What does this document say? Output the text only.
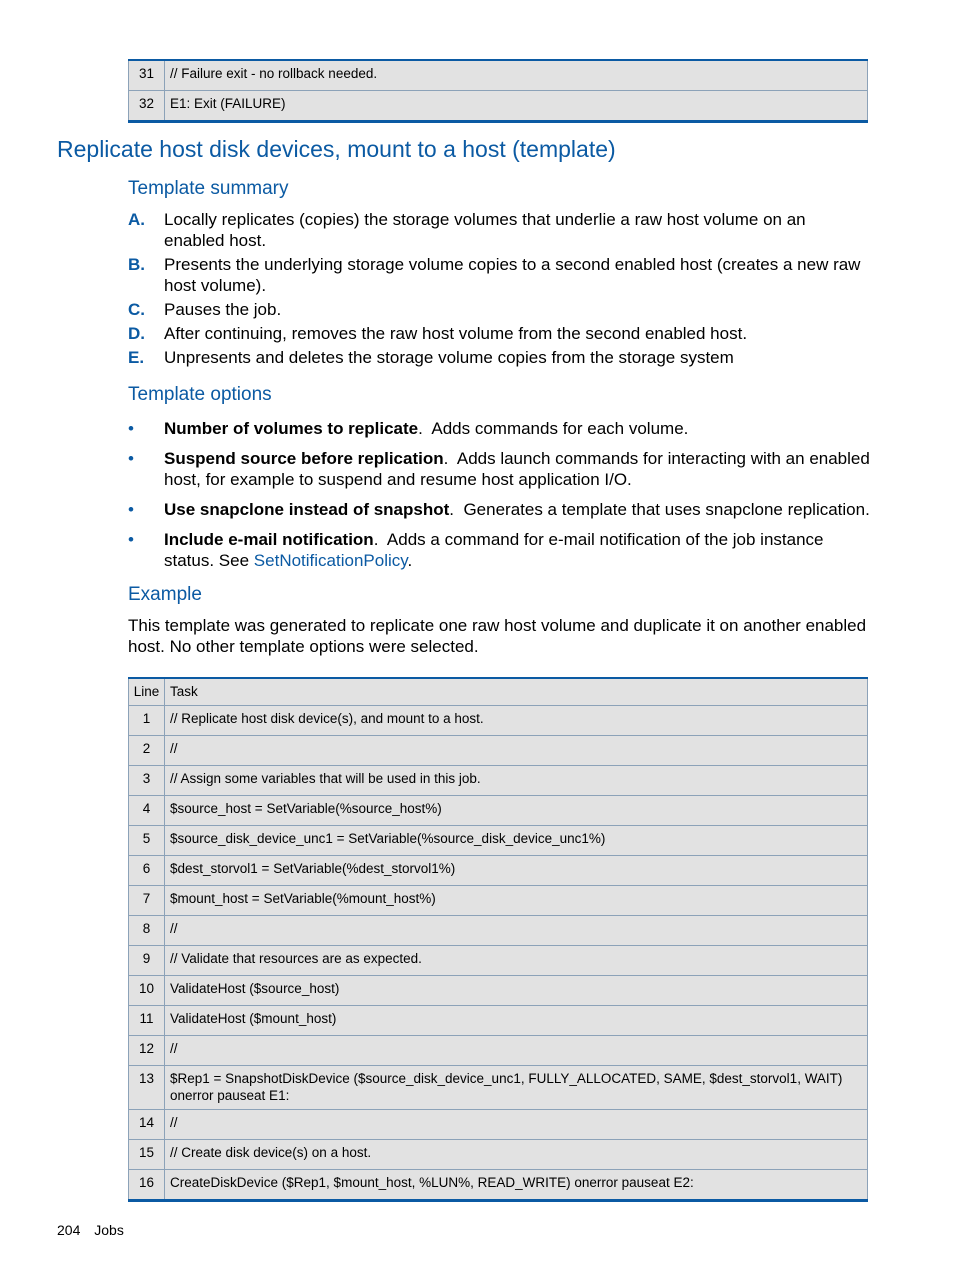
31	// Failure exit - no rollback needed.
32	E1: Exit (FAILURE)
Replicate host disk devices, mount to a host (template)
Template summary
A. Locally replicates (copies) the storage volumes that underlie a raw host volume on an enabled host.
B. Presents the underlying storage volume copies to a second enabled host (creates a new raw host volume).
C. Pauses the job.
D. After continuing, removes the raw host volume from the second enabled host.
E. Unpresents and deletes the storage volume copies from the storage system
Template options
• Number of volumes to replicate.  Adds commands for each volume.
• Suspend source before replication.  Adds launch commands for interacting with an enabled host, for example to suspend and resume host application I/O.
• Use snapclone instead of snapshot.  Generates a template that uses snapclone replication.
• Include e-mail notification.  Adds a command for e-mail notification of the job instance status. See SetNotificationPolicy.
Example

This template was generated to replicate one raw host volume and duplicate it on another enabled host. No other template options were selected.

Line	Task
1	// Replicate host disk device(s), and mount to a host.
2	//
3	// Assign some variables that will be used in this job.
4	$source_host = SetVariable(%source_host%)
5	$source_disk_device_unc1 = SetVariable(%source_disk_device_unc1%)
6	$dest_storvol1 = SetVariable(%dest_storvol1%)
7	$mount_host = SetVariable(%mount_host%)
8	//
9	// Validate that resources are as expected.
10	ValidateHost ($source_host)
11	ValidateHost ($mount_host)
12	//
13	$Rep1 = SnapshotDiskDevice ($source_disk_device_unc1, FULLY_ALLOCATED, SAME, $dest_storvol1, WAIT) onerror pauseat E1:
14	//
15	// Create disk device(s) on a host.
16	CreateDiskDevice ($Rep1, $mount_host, %LUN%, READ_WRITE) onerror pauseat E2:
204 Jobs
